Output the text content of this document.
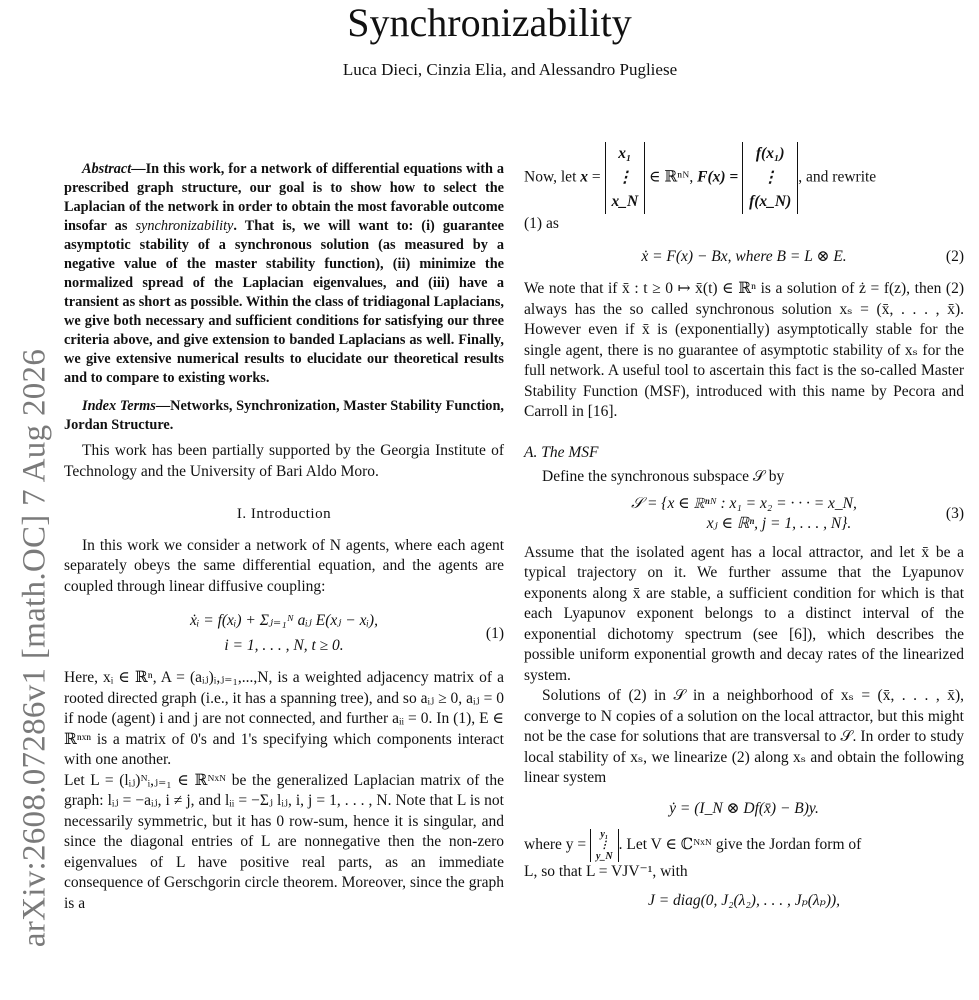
Synchronizability
Luca Dieci, Cinzia Elia, and Alessandro Pugliese
arXiv:2608.07286v1 [math.OC] 7 Aug 2026

Abstract—In this work, for a network of differential equations with a prescribed graph structure, our goal is to show how to select the Laplacian of the network in order to obtain the most favorable outcome insofar as synchronizability. That is, we will want to: (i) guarantee asymptotic stability of a synchronous solution (as measured by a negative value of the master stability function), (ii) minimize the normalized spread of the Laplacian eigenvalues, and (iii) have a transient as short as possible. Within the class of tridiagonal Laplacians, we give both necessary and sufficient conditions for satisfying our three criteria above, and give extension to banded Laplacians as well. Finally, we give extensive numerical results to elucidate our theoretical results and to compare to existing works.

Index Terms—Networks, Synchronization, Master Stability Function, Jordan Structure.

This work has been partially supported by the Georgia Institute of Technology and the University of Bari Aldo Moro.

I. Introduction

In this work we consider a network of N agents, where each agent separately obeys the same differential equation, and the agents are coupled through linear diffusive coupling:

ẋᵢ = f(xᵢ) + Σⱼ₌₁ᴺ aᵢⱼ E(xⱼ − xᵢ),
i = 1, . . . , N, t ≥ 0.
(1)

Here, xᵢ ∈ ℝⁿ, A = (aᵢⱼ)ᵢ,ⱼ₌₁,...,N, is a weighted adjacency matrix of a rooted directed graph (i.e., it has a spanning tree), and so aᵢⱼ ≥ 0, aᵢⱼ = 0 if node (agent) i and j are not connected, and further aᵢᵢ = 0. In (1), E ∈ ℝⁿˣⁿ is a matrix of 0's and 1's specifying which components interact with one another.

Let L = (lᵢⱼ)ᴺᵢ,ⱼ₌₁ ∈ ℝᴺˣᴺ be the generalized Laplacian matrix of the graph: lᵢⱼ = −aᵢⱼ, i ≠ j, and lᵢᵢ = −Σⱼ lᵢⱼ, i, j = 1, . . . , N. Note that L is not necessarily symmetric, but it has 0 row-sum, hence it is singular, and since the diagonal entries of L are nonnegative then the non-zero eigenvalues of L have positive real parts, as an immediate consequence of Gerschgorin circle theorem. Moreover, since the graph is a

Now, let x =
x₁
⋮
x_N
∈ ℝⁿᴺ, F(x) =
f(x₁)
⋮
f(x_N)
, and rewrite

(1) as

ẋ = F(x) − Bx, where B = L ⊗ E.	(2)

We note that if x̄ : t ≥ 0 ↦ x̄(t) ∈ ℝⁿ is a solution of ż = f(z), then (2) always has the so called synchronous solution xₛ = (x̄, . . . , x̄). However even if x̄ is (exponentially) asymptotically stable for the single agent, there is no guarantee of asymptotic stability of xₛ for the full network. A useful tool to ascertain this fact is the so-called Master Stability Function (MSF), introduced with this name by Pecora and Carroll in [16].

A. The MSF

Define the synchronous subspace 𝒮 by

𝒮 = {x ∈ ℝⁿᴺ : x₁ = x₂ = · · · = x_N,
xⱼ ∈ ℝⁿ, j = 1, . . . , N}.
(3)

Assume that the isolated agent has a local attractor, and let x̄ be a typical trajectory on it. We further assume that the Lyapunov exponents along x̄ are stable, a sufficient condition for which is that each Lyapunov exponent belongs to a distinct interval of the exponential dichotomy spectrum (see [6]), which describes the possible uniform exponential growth and decay rates of the linearized system.

Solutions of (2) in 𝒮 in a neighborhood of xₛ = (x̄, . . . , x̄), converge to N copies of a solution on the local attractor, but this might not be the case for solutions that are transversal to 𝒮. In order to study local stability of xₛ, we linearize (2) along xₛ and obtain the following linear system

ẏ = (I_N ⊗ Df(x̄) − B)y.

where y =
y₁
⋮
y_N
. Let V ∈ ℂᴺˣᴺ give the Jordan form of

L, so that L = VJV⁻¹, with

J = diag(0, J₂(λ₂), . . . , Jₚ(λₚ)),
